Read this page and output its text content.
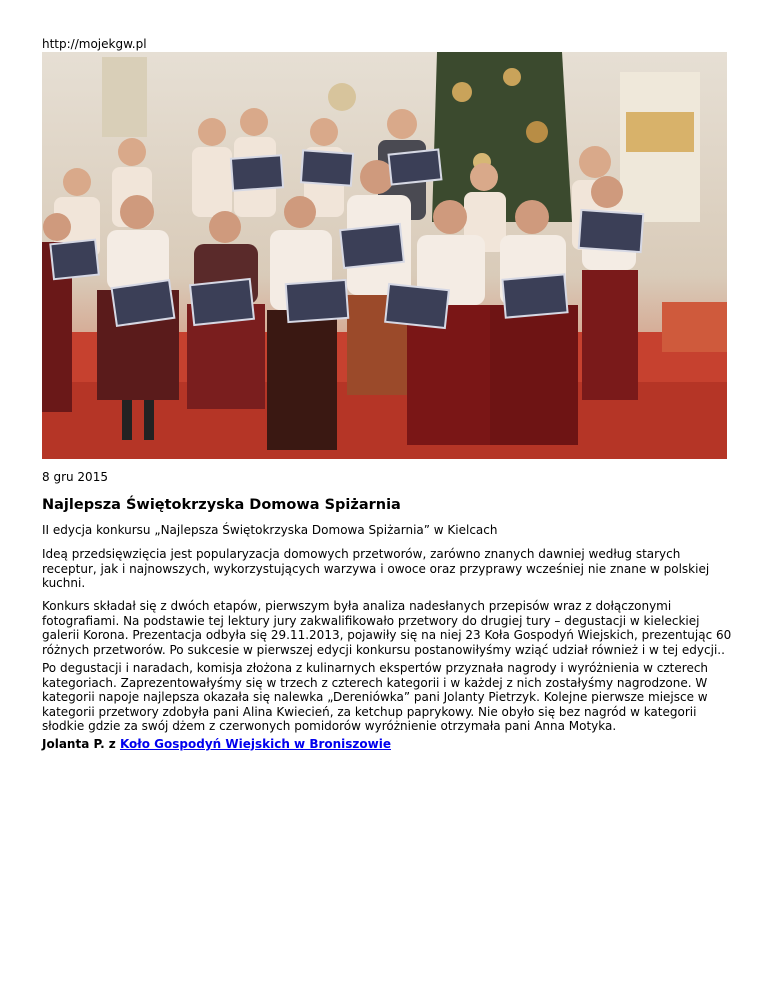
http://mojekgw.pl
8 gru 2015
Najlepsza Świętokrzyska Domowa Spiżarnia

II edycja konkursu „Najlepsza Świętokrzyska Domowa Spiżarnia” w Kielcach

Ideą przedsięwzięcia jest popularyzacja domowych przetworów, zarówno znanych dawniej według starych receptur, jak i najnowszych, wykorzystujących warzywa i owoce oraz przyprawy wcześniej nie znane w polskiej kuchni.

Konkurs składał się z dwóch etapów, pierwszym była analiza nadesłanych przepisów wraz z dołączonymi fotografiami. Na podstawie tej lektury jury zakwalifikowało przetwory do drugiej tury – degustacji w kieleckiej galerii Korona. Prezentacja odbyła się 29.11.2013, pojawiły się na niej 23 Koła Gospodyń Wiejskich, prezentując 60 różnych przetworów. Po sukcesie w pierwszej edycji konkursu postanowiłyśmy wziąć udział również i w tej edycji..

Po degustacji i naradach, komisja złożona z kulinarnych ekspertów przyznała nagrody i wyróżnienia w czterech kategoriach. Zaprezentowałyśmy się w trzech z czterech kategorii i w każdej z nich zostałyśmy nagrodzone. W kategorii napoje najlepsza okazała się nalewka „Dereniówka” pani Jolanty Pietrzyk. Kolejne pierwsze miejsce w kategorii przetwory zdobyła pani Alina Kwiecień, za ketchup paprykowy. Nie obyło się bez nagród w kategorii słodkie gdzie za swój dżem z czerwonych pomidorów wyróżnienie otrzymała pani Anna Motyka.

Jolanta P. z Koło Gospodyń Wiejskich w Broniszowie
